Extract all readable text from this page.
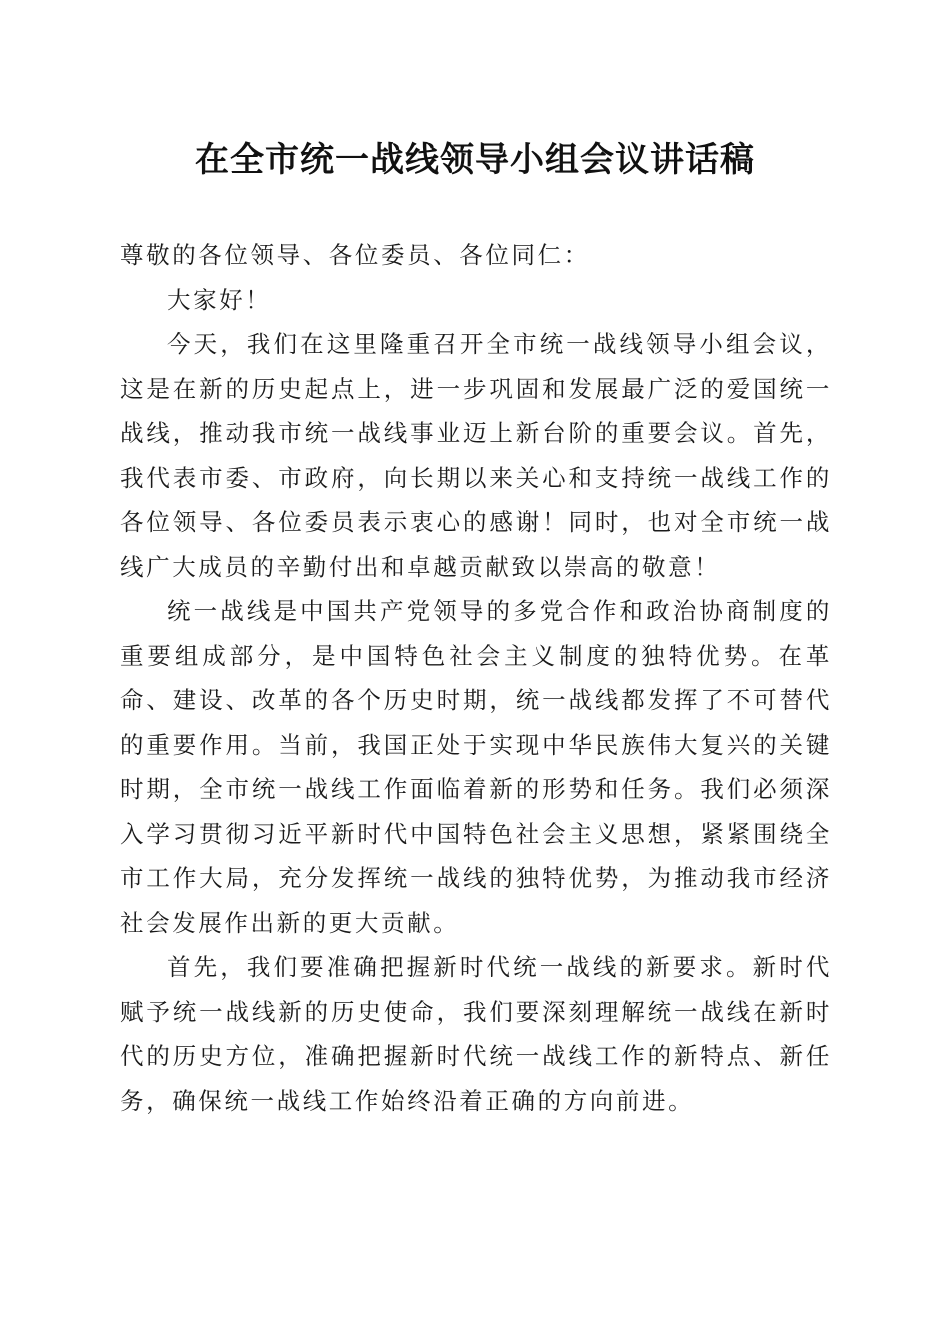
在全市统一战线领导小组会议讲话稿

尊敬的各位领导、各位委员、各位同仁：

大家好！

今天，我们在这里隆重召开全市统一战线领导小组会议，这是在新的历史起点上，进一步巩固和发展最广泛的爱国统一战线，推动我市统一战线事业迈上新台阶的重要会议。首先，我代表市委、市政府，向长期以来关心和支持统一战线工作的各位领导、各位委员表示衷心的感谢！同时，也对全市统一战线广大成员的辛勤付出和卓越贡献致以崇高的敬意！

统一战线是中国共产党领导的多党合作和政治协商制度的重要组成部分，是中国特色社会主义制度的独特优势。在革命、建设、改革的各个历史时期，统一战线都发挥了不可替代的重要作用。当前，我国正处于实现中华民族伟大复兴的关键时期，全市统一战线工作面临着新的形势和任务。我们必须深入学习贯彻习近平新时代中国特色社会主义思想，紧紧围绕全市工作大局，充分发挥统一战线的独特优势，为推动我市经济社会发展作出新的更大贡献。

首先，我们要准确把握新时代统一战线的新要求。新时代赋予统一战线新的历史使命，我们要深刻理解统一战线在新时代的历史方位，准确把握新时代统一战线工作的新特点、新任务，确保统一战线工作始终沿着正确的方向前进。
